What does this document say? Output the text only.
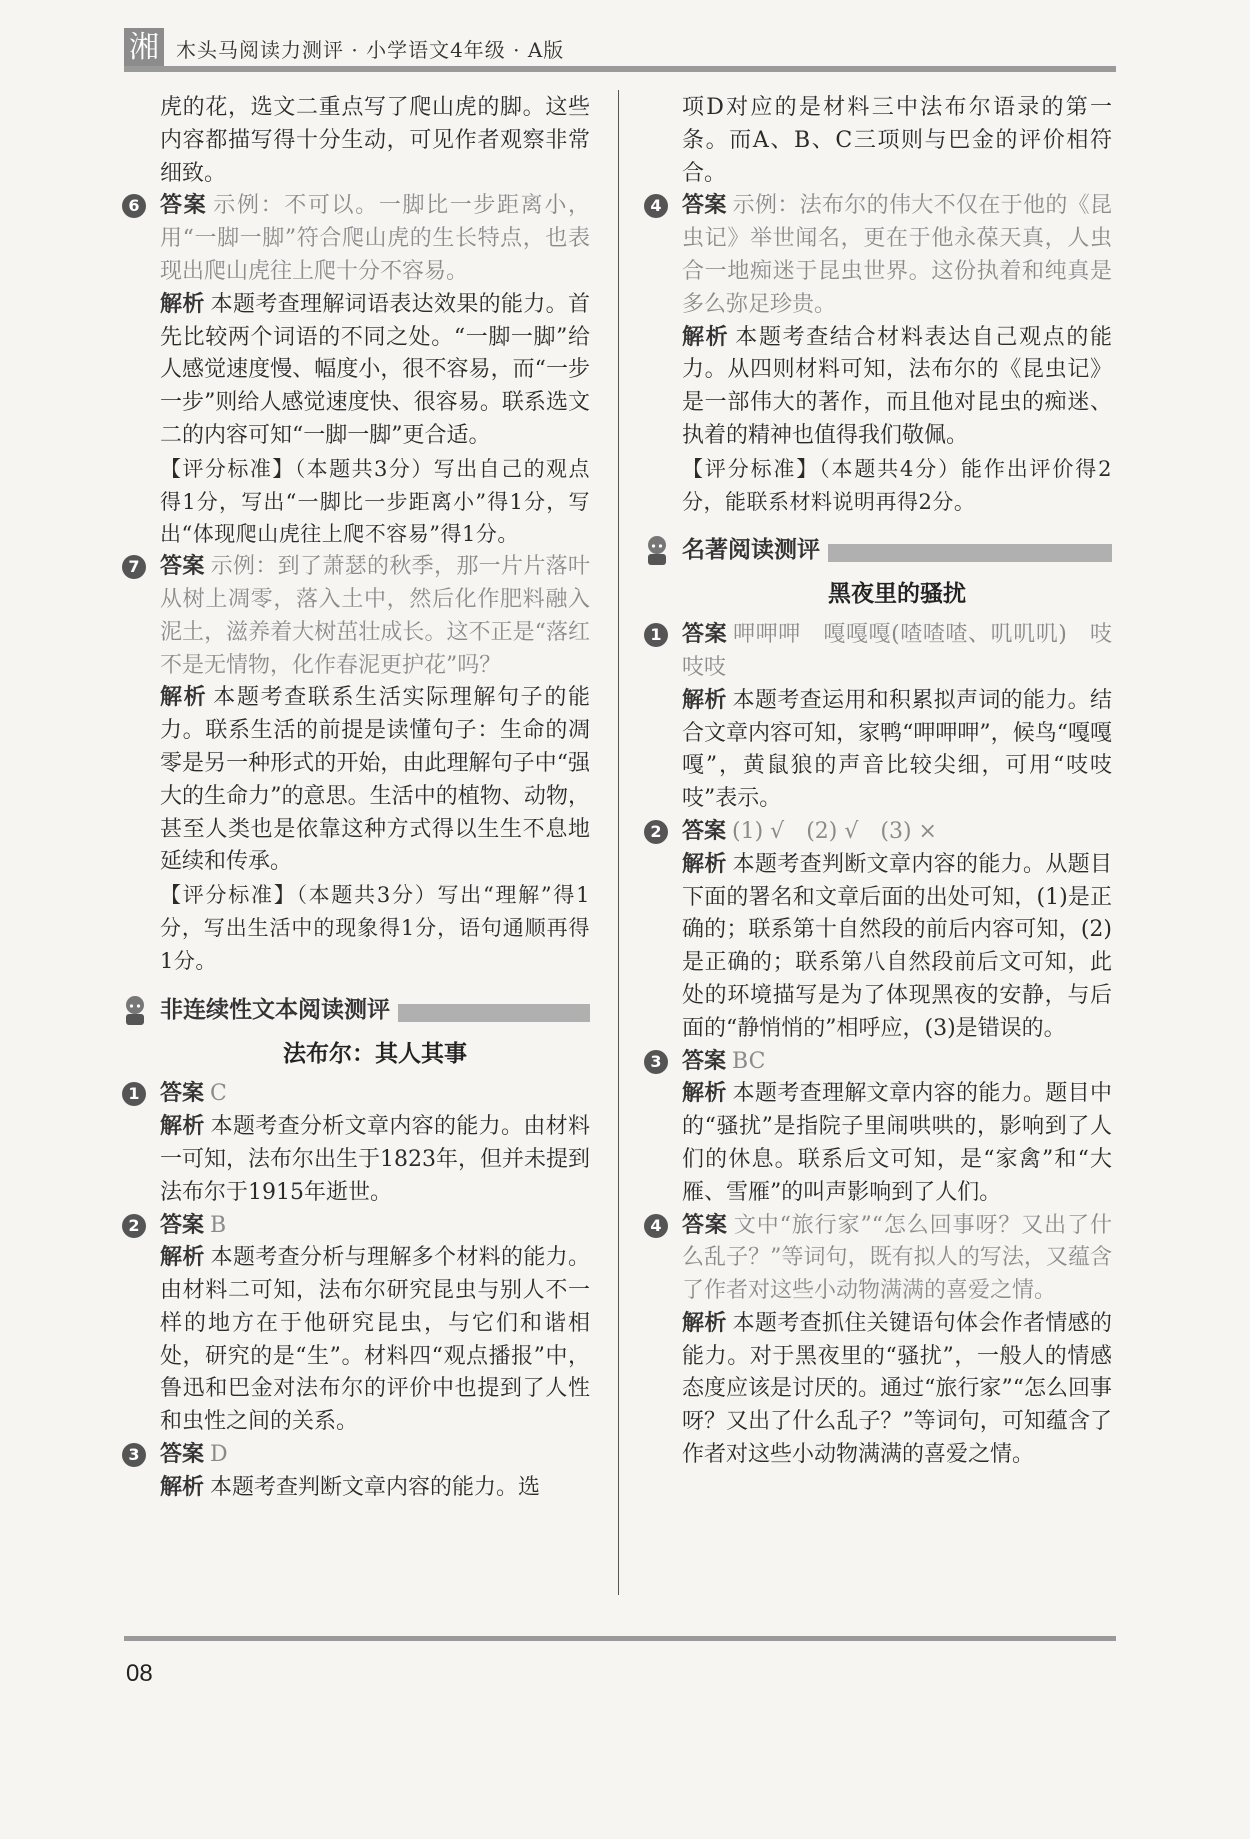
湘 木头马阅读力测评 · 小学语文4年级 · A版

虎的花，选文二重点写了爬山虎的脚。这些内容都描写得十分生动，可见作者观察非常细致。

6 答案 示例：不可以。一脚比一步距离小，用“一脚一脚”符合爬山虎的生长特点，也表现出爬山虎往上爬十分不容易。

解析 本题考查理解词语表达效果的能力。首先比较两个词语的不同之处。“一脚一脚”给人感觉速度慢、幅度小，很不容易，而“一步一步”则给人感觉速度快、很容易。联系选文二的内容可知“一脚一脚”更合适。

【评分标准】（本题共3分）写出自己的观点得1分，写出“一脚比一步距离小”得1分，写出“体现爬山虎往上爬不容易”得1分。

7 答案 示例：到了萧瑟的秋季，那一片片落叶从树上凋零，落入土中，然后化作肥料融入泥土，滋养着大树茁壮成长。这不正是“落红不是无情物，化作春泥更护花”吗？

解析 本题考查联系生活实际理解句子的能力。联系生活的前提是读懂句子：生命的凋零是另一种形式的开始，由此理解句子中“强大的生命力”的意思。生活中的植物、动物，甚至人类也是依靠这种方式得以生生不息地延续和传承。

【评分标准】（本题共3分）写出“理解”得1分，写出生活中的现象得1分，语句通顺再得1分。

非连续性文本阅读测评

法布尔：其人其事

1 答案 C

解析 本题考查分析文章内容的能力。由材料一可知，法布尔出生于1823年，但并未提到法布尔于1915年逝世。

2 答案 B

解析 本题考查分析与理解多个材料的能力。由材料二可知，法布尔研究昆虫与别人不一样的地方在于他研究昆虫，与它们和谐相处，研究的是“生”。材料四“观点播报”中，鲁迅和巴金对法布尔的评价中也提到了人性和虫性之间的关系。

3 答案 D

解析 本题考查判断文章内容的能力。选

项D对应的是材料三中法布尔语录的第一条。而A、B、C三项则与巴金的评价相符合。

4 答案 示例：法布尔的伟大不仅在于他的《昆虫记》举世闻名，更在于他永葆天真，人虫合一地痴迷于昆虫世界。这份执着和纯真是多么弥足珍贵。

解析 本题考查结合材料表达自己观点的能力。从四则材料可知，法布尔的《昆虫记》是一部伟大的著作，而且他对昆虫的痴迷、执着的精神也值得我们敬佩。

【评分标准】（本题共4分）能作出评价得2分，能联系材料说明再得2分。

名著阅读测评

黑夜里的骚扰

1 答案 呷呷呷　嘎嘎嘎(喳喳喳、叽叽叽)　吱吱吱

解析 本题考查运用和积累拟声词的能力。结合文章内容可知，家鸭“呷呷呷”，候鸟“嘎嘎嘎”，黄鼠狼的声音比较尖细，可用“吱吱吱”表示。

2 答案 (1) √　(2) √　(3) ×

解析 本题考查判断文章内容的能力。从题目下面的署名和文章后面的出处可知，(1)是正确的；联系第十自然段的前后内容可知，(2)是正确的；联系第八自然段前后文可知，此处的环境描写是为了体现黑夜的安静，与后面的“静悄悄的”相呼应，(3)是错误的。

3 答案 BC

解析 本题考查理解文章内容的能力。题目中的“骚扰”是指院子里闹哄哄的，影响到了人们的休息。联系后文可知，是“家禽”和“大雁、雪雁”的叫声影响到了人们。

4 答案 文中“旅行家”“怎么回事呀？又出了什么乱子？”等词句，既有拟人的写法，又蕴含了作者对这些小动物满满的喜爱之情。

解析 本题考查抓住关键语句体会作者情感的能力。对于黑夜里的“骚扰”，一般人的情感态度应该是讨厌的。通过“旅行家”“怎么回事呀？又出了什么乱子？”等词句，可知蕴含了作者对这些小动物满满的喜爱之情。

08
